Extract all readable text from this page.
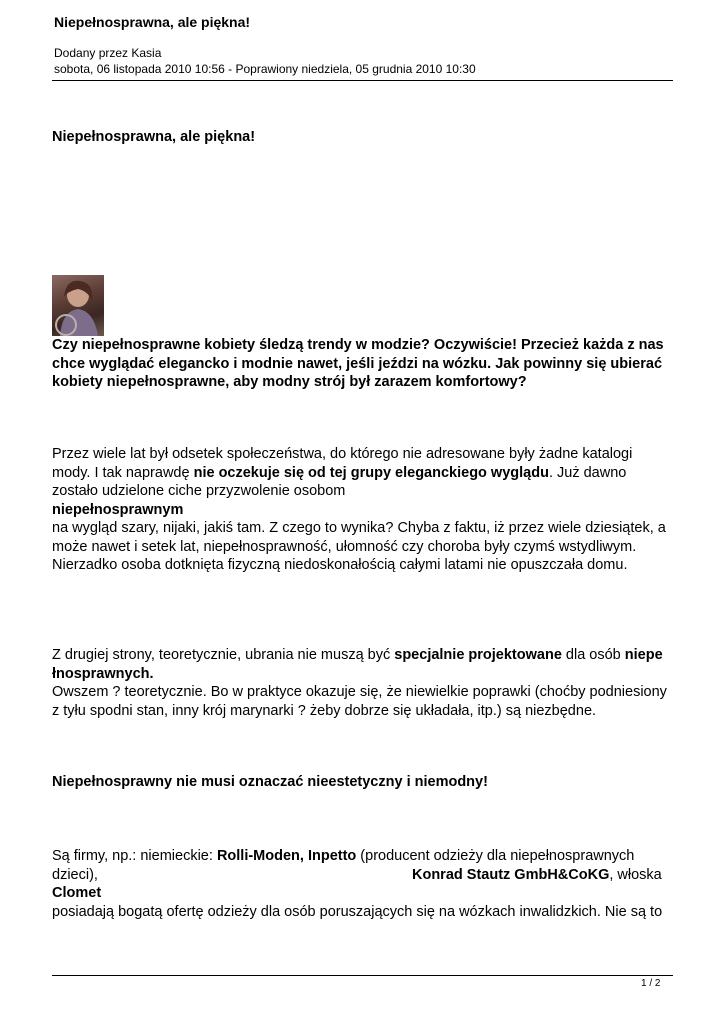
Niepełnosprawna, ale piękna!
Dodany przez Kasia
sobota, 06 listopada 2010 10:56 - Poprawiony niedziela, 05 grudnia 2010 10:30
Niepełnosprawna, ale piękna!
Czy niepełnosprawne kobiety śledzą trendy w modzie? Oczywiście! Przecież każda z nas
chce wyglądać elegancko i modnie nawet, jeśli jeździ na wózku. Jak powinny się ubierać
kobiety niepełnosprawne, aby modny strój był zarazem komfortowy?
Przez wiele lat był odsetek społeczeństwa, do którego nie adresowane były żadne katalogi
mody. I tak naprawdę nie oczekuje się od tej grupy eleganckiego wyglądu. Już dawno
zostało udzielone ciche przyzwolenie osobom
niepełnosprawnym
na wygląd szary, nijaki, jakiś tam. Z czego to wynika? Chyba z faktu, iż przez wiele dziesiątek, a
może nawet i setek lat, niepełnosprawność, ułomność czy choroba były czymś wstydliwym.
Nierzadko osoba dotknięta fizyczną niedoskonałością całymi latami nie opuszczała domu.
Z drugiej strony, teoretycznie, ubrania nie muszą być specjalnie projektowane dla osób niepe
łnosprawnych.
Owszem ? teoretycznie. Bo w praktyce okazuje się, że niewielkie poprawki (choćby podniesiony
z tyłu spodni stan, inny krój marynarki ? żeby dobrze się układała, itp.) są niezbędne.
Niepełnosprawny nie musi oznaczać nieestetyczny i niemodny!
Są firmy, np.: niemieckie: Rolli-Moden, Inpetto (producent odzieży dla niepełnosprawnych
dzieci),	Konrad Stautz GmbH&CoKG, włoska
Clomet
posiadają bogatą ofertę odzieży dla osób poruszających się na wózkach inwalidzkich. Nie są to
1 / 2
